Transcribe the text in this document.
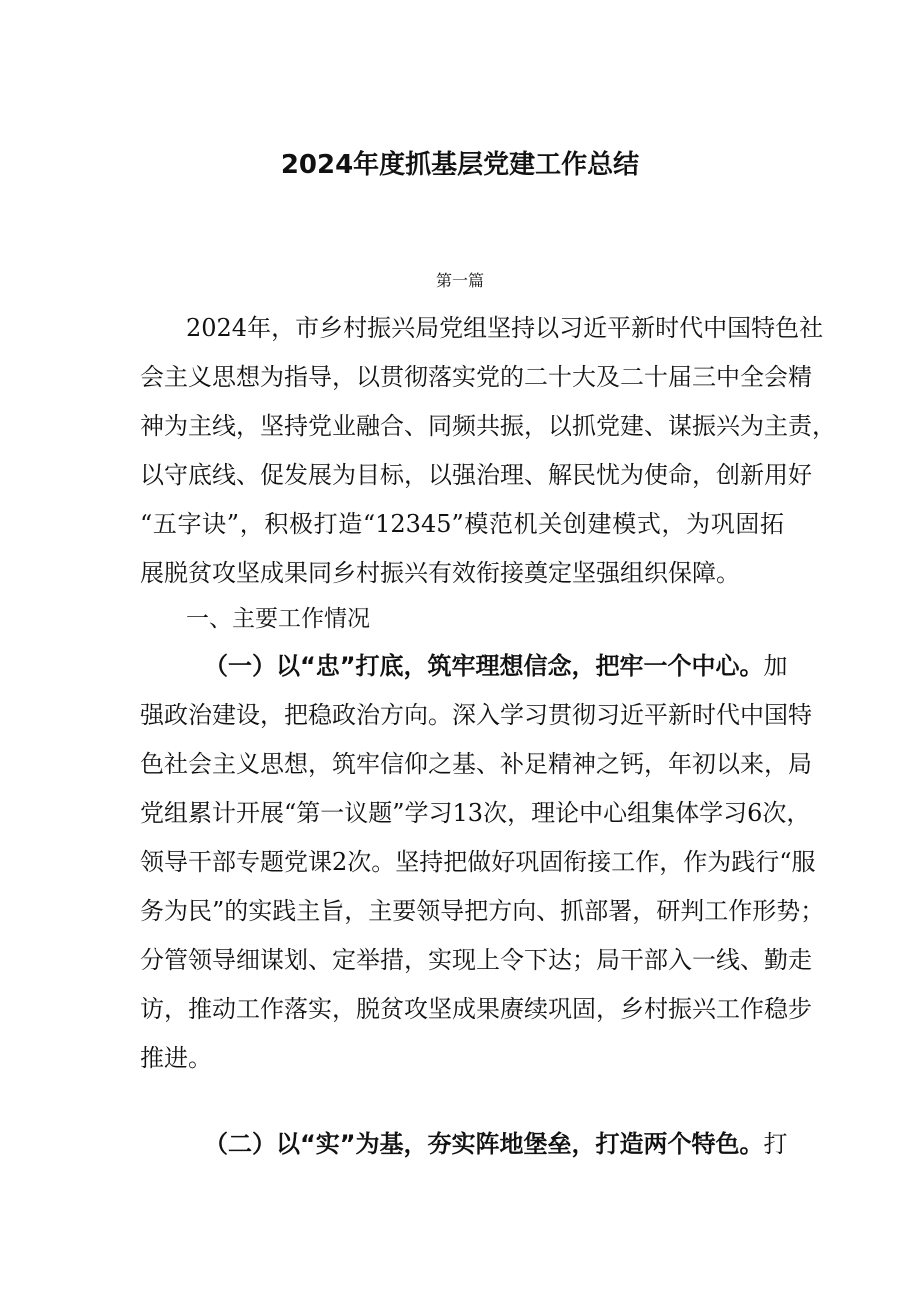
2024年度抓基层党建工作总结
第一篇
2024年，市乡村振兴局党组坚持以习近平新时代中国特色社
会主义思想为指导，以贯彻落实党的二十大及二十届三中全会精
神为主线，坚持党业融合、同频共振，以抓党建、谋振兴为主责，
以守底线、促发展为目标，以强治理、解民忧为使命，创新用好
“五字诀”，积极打造“12345”模范机关创建模式，为巩固拓
展脱贫攻坚成果同乡村振兴有效衔接奠定坚强组织保障。
一、主要工作情况
（一）以“忠”打底，筑牢理想信念，把牢一个中心。加
强政治建设，把稳政治方向。深入学习贯彻习近平新时代中国特
色社会主义思想，筑牢信仰之基、补足精神之钙，年初以来，局
党组累计开展“第一议题”学习13次，理论中心组集体学习6次，
领导干部专题党课2次。坚持把做好巩固衔接工作，作为践行“服
务为民”的实践主旨，主要领导把方向、抓部署，研判工作形势；
分管领导细谋划、定举措，实现上令下达；局干部入一线、勤走
访，推动工作落实，脱贫攻坚成果赓续巩固，乡村振兴工作稳步
推进。
（二）以“实”为基，夯实阵地堡垒，打造两个特色。打
